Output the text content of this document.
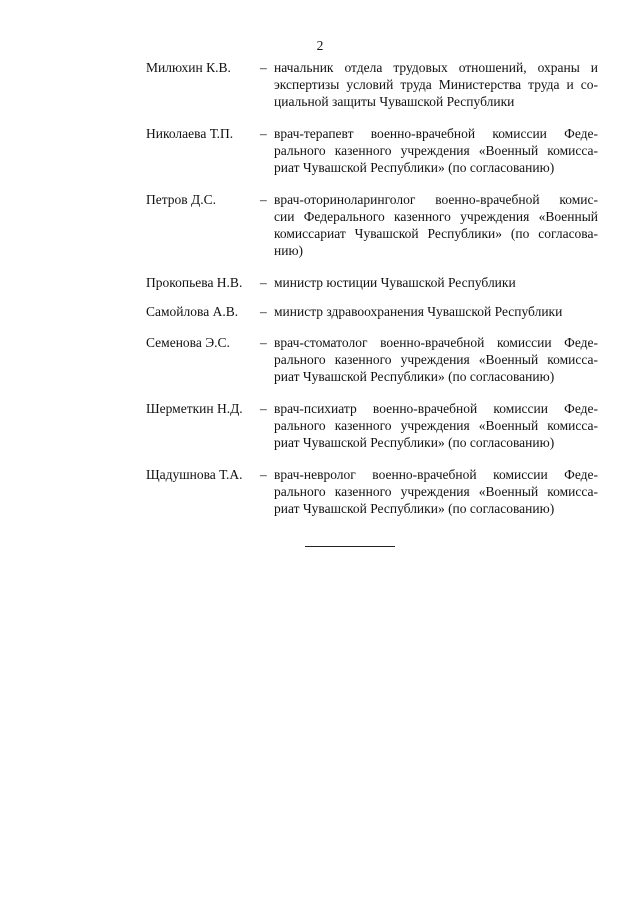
2
Милюхин К.В.	– начальник отдела трудовых отношений, охраны и
экспертизы условий труда Министерства труда и со-
циальной защиты Чувашской Республики
Николаева Т.П.	– врач-терапевт военно-врачебной комиссии Феде-
рального казенного учреждения «Военный комисса-
риат Чувашской Республики» (по согласованию)
Петров Д.С.	– врач-оториноларинголог военно-врачебной комис-
сии Федерального казенного учреждения «Военный
комиссариат Чувашской Республики» (по согласова-
нию)
Прокопьева Н.В.	– министр юстиции Чувашской Республики
Самойлова А.В.	– министр здравоохранения Чувашской Республики
Семенова Э.С.	– врач-стоматолог военно-врачебной комиссии Феде-
рального казенного учреждения «Военный комисса-
риат Чувашской Республики» (по согласованию)
Шерметкин Н.Д.	– врач-психиатр военно-врачебной комиссии Феде-
рального казенного учреждения «Военный комисса-
риат Чувашской Республики» (по согласованию)
Щадушнова Т.А.	– врач-невролог военно-врачебной комиссии Феде-
рального казенного учреждения «Военный комисса-
риат Чувашской Республики» (по согласованию)
